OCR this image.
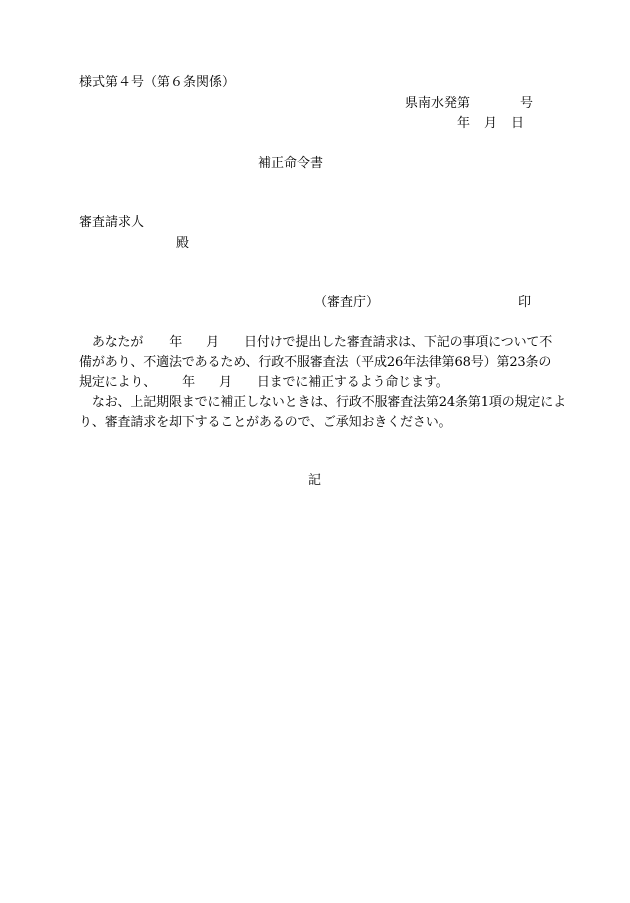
様式第４号（第６条関係）
県南水発第	号
年 月 日
補正命令書
審査請求人
殿
（審査庁）	印
　あなたが 年 月 日付けで提出した審査請求は、下記の事項について不
備があり、不適法であるため、行政不服審査法（平成26年法律第68号）第23条の
規定により、 年 月 日までに補正するよう命じます。
　なお、上記期限までに補正しないときは、行政不服審査法第24条第1項の規定によ
り、審査請求を却下することがあるので、ご承知おきください。
記
